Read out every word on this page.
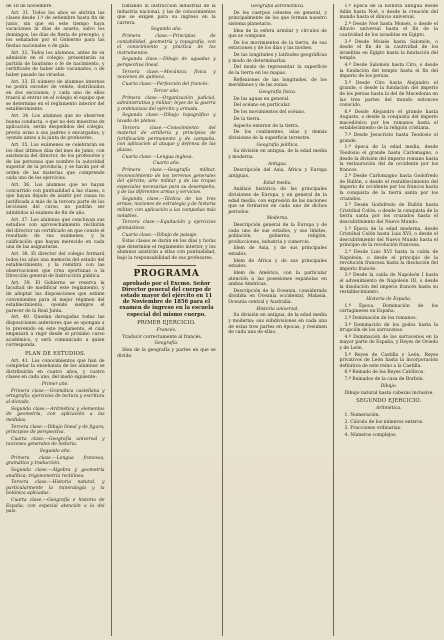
de 18 de noviembre.

Art. 31. Todos los años se abrirán las clases desde 1.º de setiembre hasta fin de junio, sin que en este tiempo haya vacaciones ni días de asueto, salvo los domingos, los días de fiesta de precepto, y los señalados por el Gobierno para las fiestas nacionales o de gala.

Art. 32. Todos los alumnos, antes de su admisión en el colegio, presentarán su partida de bautismo o fe de nacimiento, y certificado de haber sido vacunados, o de haber pasado las viruelas.

Art. 33. El número de alumnos internos no podrá exceder de veinte, distribuidos en dos secciones; y cada uno de ellos traerá al entrar en el colegio el equipo que se determine en el reglamento interior del establecimiento.

Art. 34. Los alumnos que no observen buena conducta, o que no den muestras de aplicación, serán despedidos del colegio, previo aviso a sus padres o encargados, y oyendo antes a la junta de profesores.

Art. 35. Los exámenes se celebrarán en los diez últimos días del mes de junio, con asistencia del director, de los profesores y de las personas que nombre la autoridad superior de la provincia; y se harán por el orden de las materias que comprende cada uno de los ejercicios.

Art. 36. Los alumnos que no hayan concurrido con puntualidad a las clases, o que hayan dejado de asistir por causa no justificada a más de la tercera parte de las lecciones del curso, no podrán ser admitidos al examen de fin de año.

Art. 37. Los alumnos que concluyan sus estudios con aprovechamiento recibirán del director un certificado en que conste el resultado de sus exámenes, y la calificación que hayan merecido en cada una de las asignaturas.

Art. 38. El director del colegio formará todos los años una memoria del estado del establecimiento, y la remitirá con las observaciones que crea oportunas a la Dirección general de Instrucción pública.

Art. 39. El Gobierno se reserva la facultad de modificar este reglamento, y de adoptar las disposiciones que estime convenientes para el mejor régimen del establecimiento, oyendo siempre el parecer de la Real Junta.

Art. 40. Quedan derogadas todas las disposiciones anteriores que se opongan a lo prevenido en este reglamento, el cual empezará a regir desde el próximo curso académico, y será comunicado a quien corresponda.

PLAN DE ESTUDIOS.

Art. 41. Los conocimientos que han de completar la enseñanza de los alumnos se distribuirán en cuatro años, y cuatro clases en cada uno, del modo siguiente:

Primer año.

Primera clase.—Gramática castellana y ortografía; ejercicios de lectura y escritura al dictado.

Segunda clase.—Aritmética y elementos de geometría, con aplicación a las medidas.

Tercera clase.—Dibujo lineal y de figura; principios de perspectiva.

Cuarta clase.—Geografía universal y nociones generales de historia.

Segundo año.

Primera clase.—Lengua francesa, gramática y traducción.

Segunda clase.—Álgebra y geometría analítica; trigonometría rectilínea.

Tercera clase.—Historia natural, y particularmente la mineralogía y la botánica aplicadas.

Cuarta clase.—Geografía e historia de España, con especial atención a la del país.

tomando la instrucción industrial de la industria nacional, y las de conocimientos que se exigen para su ingreso en la carrera.

Segundo año.

Primera clase.—Principios de contabilidad, geometría y topografía, con el conocimiento y práctica de los instrumentos.

Segunda clase.—Dibujo de aguadas y perspectiva lineal.

Tercera clase.—Mecánica, física y nociones de química.

Cuarta clase.—Perfección del francés.

Tercer año.

Primera clase.—Organización judicial, administrativa y militar; leyes de la guerra y ordenanzas del ejército y armada.

Segunda clase.—Dibujo topográfico y lavado de planos.

Tercera clase.—Conocimiento del material de artillería y principios de fortificación permanente y de campaña, con aplicación al ataque y defensa de las plazas.

Cuarta clase.—Lengua inglesa.

Cuarto año.

Primera clase.—Geografía militar, reconocimiento de los terrenos generales del ejército; arte militar y de las tropas especiales necesarias para su desempeño, y de las diferentes armas y servicios.

Segunda clase.—Táctica de las tres armas; nociones de estrategia y de historia militar, con aplicación a las campañas más notables.

Tercera clase.—Equitación y ejercicios gimnásticos.

Cuarta clase.—Dibujo de paisaje.

Estas clases se darán en los días y horas que determine el reglamento interior, y los alumnos asistirán a ellas con puntualidad, bajo la responsabilidad de sus profesores.

PROGRAMA

aprobado por el Excmo. Señor Director general del cuerpo de estado mayor del ejército en 11 de Noviembre de 1856 para el examen de ingreso en la escuela especial del mismo cuerpo.

PRIMER EJERCICIO.

Francés.

Traducir correctamente al francés.

Geografía.

Idea de la geografía y partes en que se divide.

Geografía astronómica.

De los cuerpos celestes en general, y principalmente de los que forman nuestro sistema planetario.

Idea de la esfera armilar y círculos de que se compone.

De los movimientos de la tierra, de sus estaciones y de los días y las noches.

De las longitudes y latitudes geográficas y modo de determinarlas.

Del modo de representar la superficie de la tierra en los mapas.

Reflexiones de las longitudes, de los meridianos y de las zonas.

Geografía física.

De las aguas en general.

Del océano en particular.

De los movimientos del océano.

De la tierra.

Aspecto exterior de la tierra.

De los continentes, islas y demás divisiones de la superficie terrestre.

Geografía política.

Su división en antigua, de la edad media y moderna.

Antigua.

Descripción del Asia, África y Europa antiguas.

Edad media.

Análisis histórica de las principales divisiones de Europa, y en general de la edad media, con expresión de las naciones que se formaron en cada uno de dichos periodos.

Moderna.

Descripción general de la Europa y de cada uno de sus estados, y sus límites, población, gobierno, religión, producciones, industria y comercio.

Idem de Asia, y de sus principales estados.

Idem de África y de sus principales estados.

Idem de América, con la particular atención a las posesiones españolas en ambas Américas.

Descripción de la Oceanía, considerada dividida en Oceanía occidental, Malasia, Oceanía central y Australia.

Historia universal.

Su división en antigua, de la edad media y moderna; sus subdivisiones en cada una de estas tres partes en épocas, y resumen de cada una de ellas.

1.º Época de la historia antigua desde Adán hasta Noé, o desde la creación del mundo hasta el diluvio universal.

2.º Desde Noé hasta Moisés, o desde el diluvio universal hasta el fin de la cautividad de los israelitas en Egipto.

3.º Desde Moisés hasta Salomón, o desde el fin de la cautividad de los israelitas en Egipto hasta la fundación del templo.

4.º Desde Salomón hasta Ciro, o desde la fundación del templo hasta el fin del imperio de los persas.

5.º Desde Ciro hasta Alejandro el grande, o desde la fundación del imperio de los persas hasta la del de Macedonia en las tres partes del mundo entonces conocido.

6.º Desde Alejandro el grande hasta Augusto, o desde la conquista del imperio macedónico por los romanos hasta el establecimiento de la religión cristiana.

7.º Desde Jesucristo hasta Teodosio el grande.

1.ª época de la edad media, desde Teodosio el grande hasta Carlomagno, o desde la división del imperio romano hasta la restauración del de occidente por los francos.

2.ª Desde Carlomagno hasta Godofredo de Bullón, o desde el restablecimiento del imperio de occidente por los francos hasta la conquista de la tierra santa por los cruzados.

3.ª Desde Godofredo de Bullón hasta Cristóbal Colón, o desde la conquista de la tierra santa por los cruzados hasta el descubrimiento del Nuevo Mundo.

1.ª Época de la edad moderna, desde Cristóbal Colón hasta Luis XVI, o desde el descubrimiento del Nuevo Mundo hasta el principio de la revolución francesa.

2.ª Desde Luis XVI hasta la caída de Napoleón, o desde el principio de la revolución francesa hasta la disolución del imperio francés.

3.ª Desde la caída de Napoleón I hasta el advenimiento de Napoleón III, o desde la disolución del imperio francés hasta su restablecimiento.

Historia de España.

1.º Época. Dominación de los cartagineses en España.

2.º Dominación de los romanos.

3.º Dominación de los godos hasta la irrupción de los sarracenos.

4.º Dominación de los sarracenos en la mayor parte de España, y Reyes de Oviedo y de León.

5.º Reyes de Castilla y León. Reyes privativos de León hasta la incorporación definitiva de este reino a la Castilla.

6.º Reinado de los Reyes Católicos.

7.º Reinados de la casa de Borbón.

Dibujo.

Dibujo natural hasta cabezas inclusive.

SEGUNDO EJERCICIO.

Aritmética.

1. Numeración.

2. Cálculo de los números enteros.

3. Fracciones ordinarias.

4. Números complejos.
